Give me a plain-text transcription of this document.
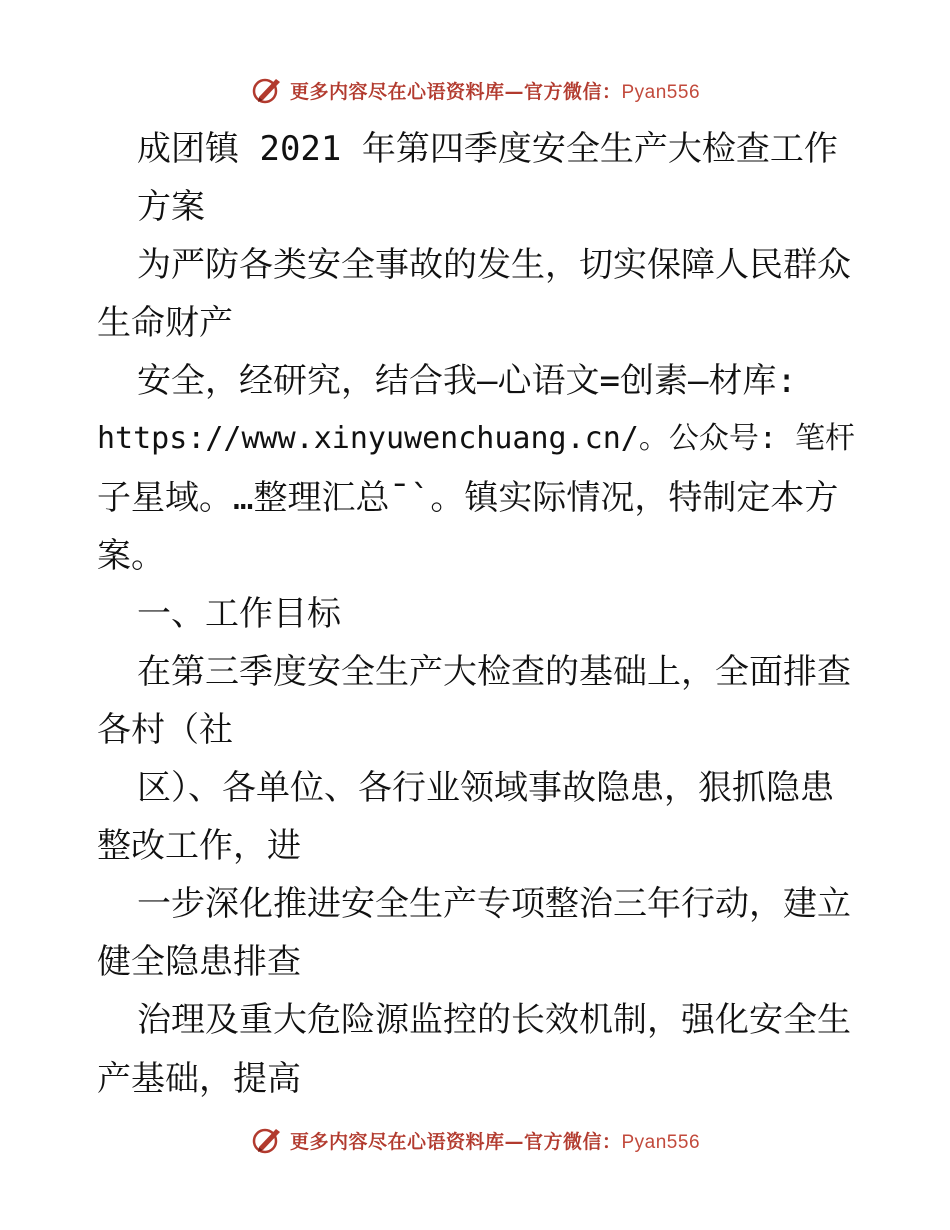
更多内容尽在心语资料库—官方微信：Pyan556
成团镇 2021 年第四季度安全生产大检查工作
方案
为严防各类安全事故的发生，切实保障人民群众
生命财产
安全，经研究，结合我—心语文=创素—材库:
https://www.xinyuwenchuang.cn/。公众号: 笔杆
子星域。…整理汇总¯`。镇实际情况，特制定本方
案。
一、工作目标
在第三季度安全生产大检查的基础上，全面排查
各村（社
区）、各单位、各行业领域事故隐患，狠抓隐患
整改工作，进
一步深化推进安全生产专项整治三年行动，建立
健全隐患排查
治理及重大危险源监控的长效机制，强化安全生
产基础，提高
更多内容尽在心语资料库—官方微信：Pyan556
